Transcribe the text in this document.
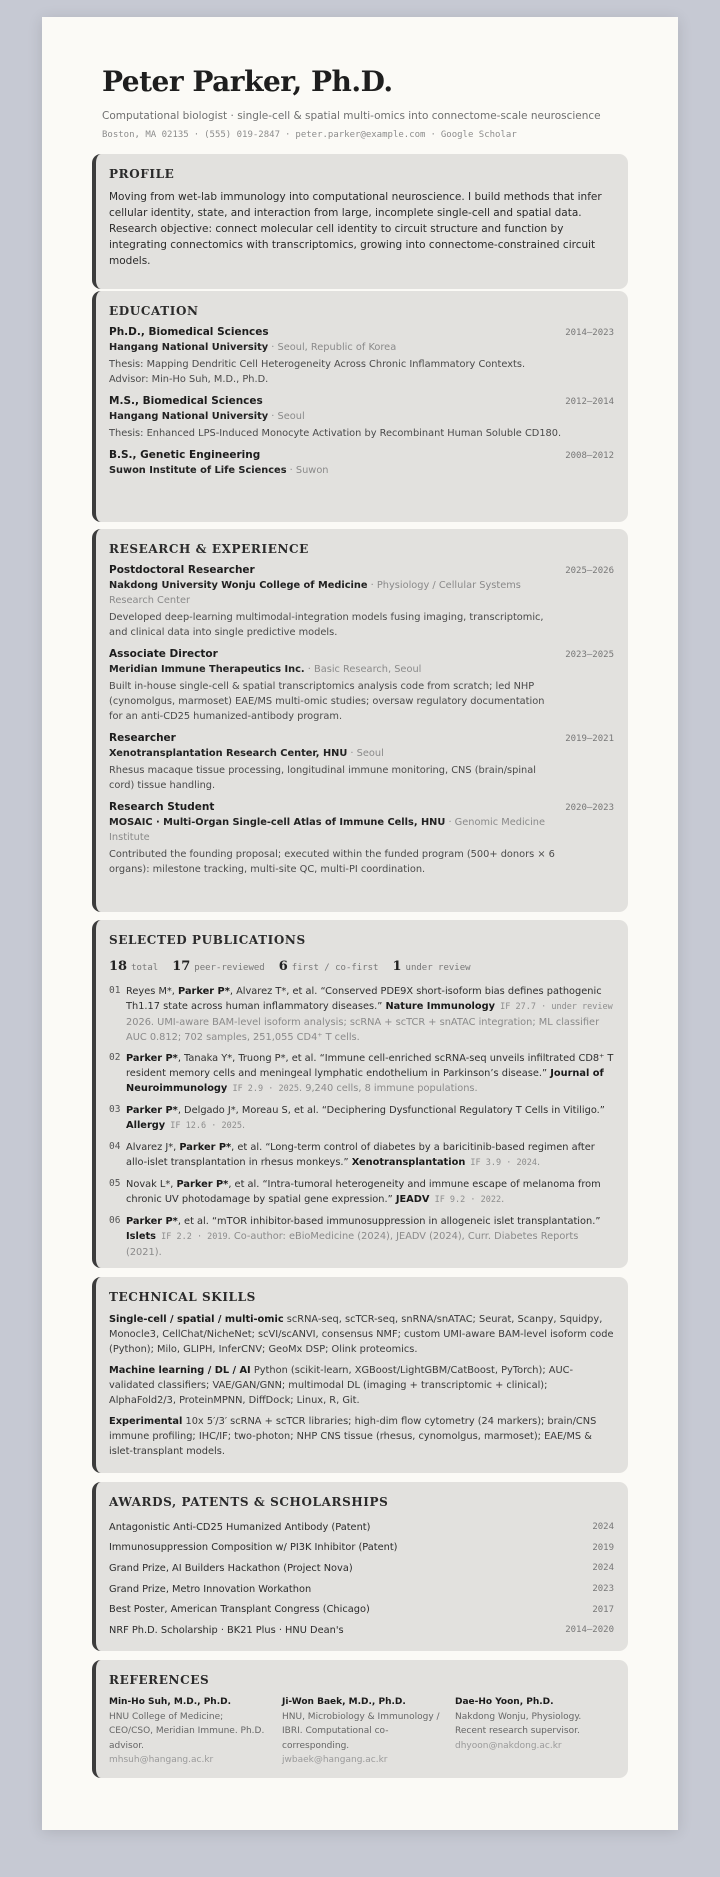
Peter Parker, Ph.D.
Computational biologist · single-cell & spatial multi-omics into connectome-scale neuroscience
Boston, MA 02135 · (555) 019-2847 · peter.parker@example.com · Google Scholar
PROFILE
Moving from wet-lab immunology into computational neuroscience. I build methods that infer cellular identity, state, and interaction from large, incomplete single-cell and spatial data. Research objective: connect molecular cell identity to circuit structure and function by integrating connectomics with transcriptomics, growing into connectome-constrained circuit models.
EDUCATION
Ph.D., Biomedical Sciences	2014–2023
Hangang National University · Seoul, Republic of Korea
Thesis: Mapping Dendritic Cell Heterogeneity Across Chronic Inflammatory Contexts.
Advisor: Min-Ho Suh, M.D., Ph.D.
M.S., Biomedical Sciences	2012–2014
Hangang National University · Seoul
Thesis: Enhanced LPS-Induced Monocyte Activation by Recombinant Human Soluble CD180.
B.S., Genetic Engineering	2008–2012
Suwon Institute of Life Sciences · Suwon
RESEARCH & EXPERIENCE
Postdoctoral Researcher	2025–2026
Nakdong University Wonju College of Medicine · Physiology / Cellular Systems Research Center
Developed deep-learning multimodal-integration models fusing imaging, transcriptomic, and clinical data into single predictive models.
Associate Director	2023–2025
Meridian Immune Therapeutics Inc. · Basic Research, Seoul
Built in-house single-cell & spatial transcriptomics analysis code from scratch; led NHP (cynomolgus, marmoset) EAE/MS multi-omic studies; oversaw regulatory documentation for an anti-CD25 humanized-antibody program.
Researcher	2019–2021
Xenotransplantation Research Center, HNU · Seoul
Rhesus macaque tissue processing, longitudinal immune monitoring, CNS (brain/spinal cord) tissue handling.
Research Student	2020–2023
MOSAIC · Multi-Organ Single-cell Atlas of Immune Cells, HNU · Genomic Medicine Institute
Contributed the founding proposal; executed within the funded program (500+ donors × 6 organs): milestone tracking, multi-site QC, multi-PI coordination.
SELECTED PUBLICATIONS
18 total 17 peer-reviewed 6 first / co-first 1 under review
01 Reyes M*, Parker P*, Alvarez T*, et al. “Conserved PDE9X short-isoform bias defines pathogenic Th1.17 state across human inflammatory diseases.” Nature Immunology IF 27.7 · under review 2026. UMI-aware BAM-level isoform analysis; scRNA + scTCR + snATAC integration; ML classifier AUC 0.812; 702 samples, 251,055 CD4⁺ T cells.
02 Parker P*, Tanaka Y*, Truong P*, et al. “Immune cell-enriched scRNA-seq unveils infiltrated CD8⁺ T resident memory cells and meningeal lymphatic endothelium in Parkinson’s disease.” Journal of Neuroimmunology IF 2.9 · 2025. 9,240 cells, 8 immune populations.
03 Parker P*, Delgado J*, Moreau S, et al. “Deciphering Dysfunctional Regulatory T Cells in Vitiligo.” Allergy IF 12.6 · 2025.
04 Alvarez J*, Parker P*, et al. “Long-term control of diabetes by a baricitinib-based regimen after allo-islet transplantation in rhesus monkeys.” Xenotransplantation IF 3.9 · 2024.
05 Novak L*, Parker P*, et al. “Intra-tumoral heterogeneity and immune escape of melanoma from chronic UV photodamage by spatial gene expression.” JEADV IF 9.2 · 2022.
06 Parker P*, et al. “mTOR inhibitor-based immunosuppression in allogeneic islet transplantation.” Islets IF 2.2 · 2019. Co-author: eBioMedicine (2024), JEADV (2024), Curr. Diabetes Reports (2021).
TECHNICAL SKILLS
Single-cell / spatial / multi-omic scRNA-seq, scTCR-seq, snRNA/snATAC; Seurat, Scanpy, Squidpy, Monocle3, CellChat/NicheNet; scVI/scANVI, consensus NMF; custom UMI-aware BAM-level isoform code (Python); Milo, GLIPH, InferCNV; GeoMx DSP; Olink proteomics.
Machine learning / DL / AI Python (scikit-learn, XGBoost/LightGBM/CatBoost, PyTorch); AUC-validated classifiers; VAE/GAN/GNN; multimodal DL (imaging + transcriptomic + clinical); AlphaFold2/3, ProteinMPNN, DiffDock; Linux, R, Git.
Experimental 10x 5′/3′ scRNA + scTCR libraries; high-dim flow cytometry (24 markers); brain/CNS immune profiling; IHC/IF; two-photon; NHP CNS tissue (rhesus, cynomolgus, marmoset); EAE/MS & islet-transplant models.
AWARDS, PATENTS & SCHOLARSHIPS
Antagonistic Anti-CD25 Humanized Antibody (Patent)	2024
Immunosuppression Composition w/ PI3K Inhibitor (Patent)	2019
Grand Prize, AI Builders Hackathon (Project Nova)	2024
Grand Prize, Metro Innovation Workathon	2023
Best Poster, American Transplant Congress (Chicago)	2017
NRF Ph.D. Scholarship · BK21 Plus · HNU Dean's	2014–2020
REFERENCES
Min-Ho Suh, M.D., Ph.D.
HNU College of Medicine;
CEO/CSO, Meridian Immune. Ph.D.
advisor.
mhsuh@hangang.ac.kr
Ji-Won Baek, M.D., Ph.D.
HNU, Microbiology & Immunology /
IBRI. Computational co-
corresponding.
jwbaek@hangang.ac.kr
Dae-Ho Yoon, Ph.D.
Nakdong Wonju, Physiology.
Recent research supervisor.
dhyoon@nakdong.ac.kr
